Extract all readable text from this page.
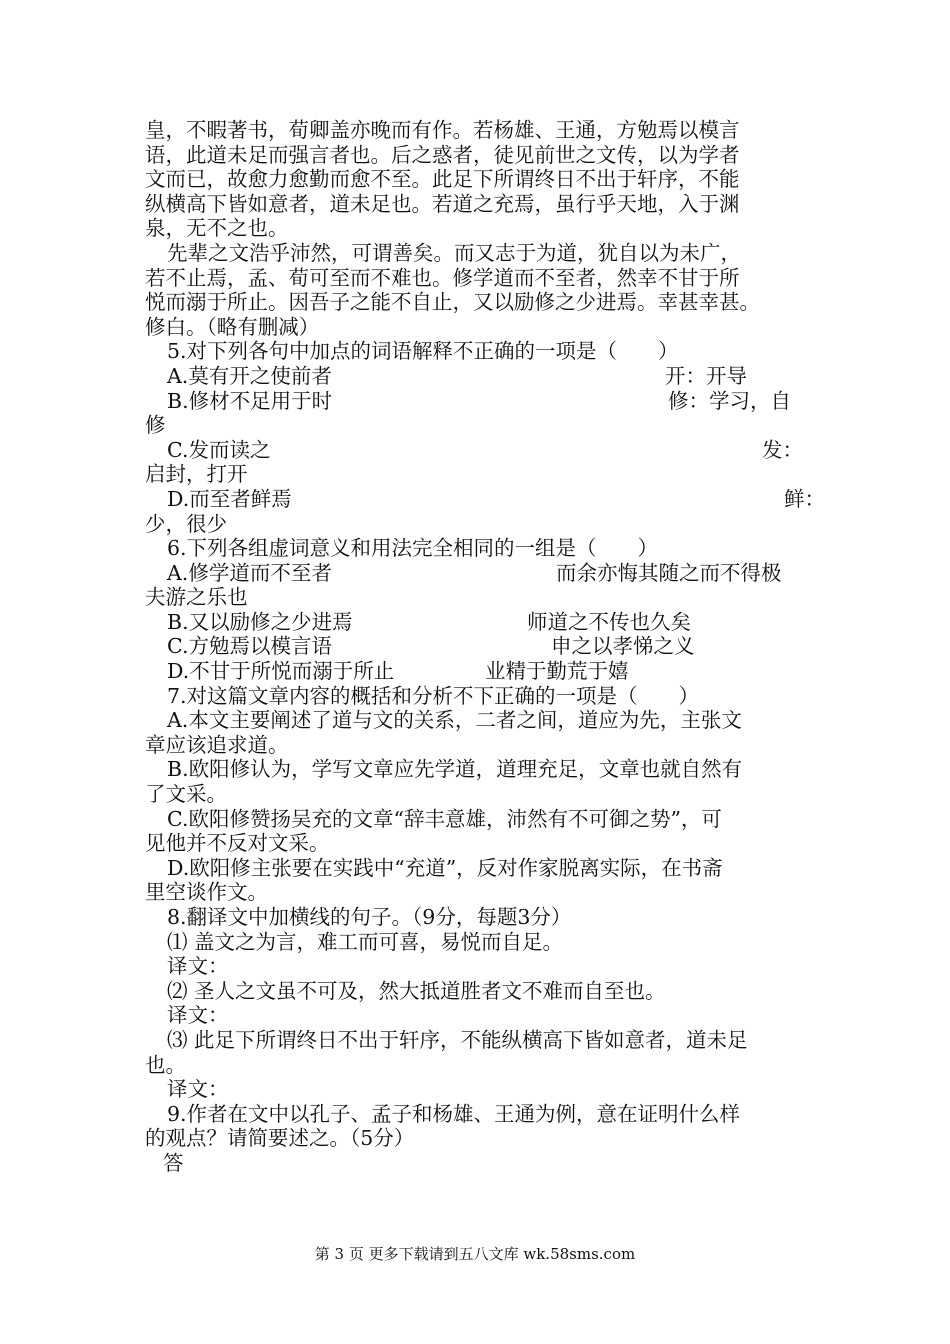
皇，不暇著书，荀卿盖亦晚而有作。若杨雄、王通，方勉焉以模言
语，此道未足而强言者也。后之惑者，徒见前世之文传，以为学者
文而已，故愈力愈勤而愈不至。此足下所谓终日不出于轩序，不能
纵横高下皆如意者，道未足也。若道之充焉，虽行乎天地，入于渊
泉，无不之也。
先辈之文浩乎沛然，可谓善矣。而又志于为道，犹自以为未广，
若不止焉，孟、荀可至而不难也。修学道而不至者，然幸不甘于所
悦而溺于所止。因吾子之能不自止，又以励修之少进焉。幸甚幸甚。
修白。（略有删减）
5.对下列各句中加点的词语解释不正确的一项是（　　）
A.莫有开之使前者	开：开导
B.修材不足用于时	修：学习，自
修
C.发而读之	发：
启封，打开
D.而至者鲜焉	鲜：
少，很少
6.下列各组虚词意义和用法完全相同的一组是（　　）
A.修学道而不至者	而余亦悔其随之而不得极
夫游之乐也
B.又以励修之少进焉	师道之不传也久矣
C.方勉焉以模言语	申之以孝悌之义
D.不甘于所悦而溺于所止	业精于勤荒于嬉
7.对这篇文章内容的概括和分析不下正确的一项是（　　）
A.本文主要阐述了道与文的关系，二者之间，道应为先，主张文
章应该追求道。
B.欧阳修认为，学写文章应先学道，道理充足，文章也就自然有
了文采。
C.欧阳修赞扬吴充的文章“辞丰意雄，沛然有不可御之势”，可
见他并不反对文采。
D.欧阳修主张要在实践中“充道”，反对作家脱离实际，在书斋
里空谈作文。
8.翻译文中加横线的句子。（9分，每题3分）
⑴ 盖文之为言，难工而可喜，易悦而自足。
译文：
⑵ 圣人之文虽不可及，然大抵道胜者文不难而自至也。
译文：
⑶ 此足下所谓终日不出于轩序，不能纵横高下皆如意者，道未足
也。
译文：
9.作者在文中以孔子、孟子和杨雄、王通为例，意在证明什么样
的观点？请简要述之。（5分）
答
第 3 页 更多下载请到五八文库 wk.58sms.com
